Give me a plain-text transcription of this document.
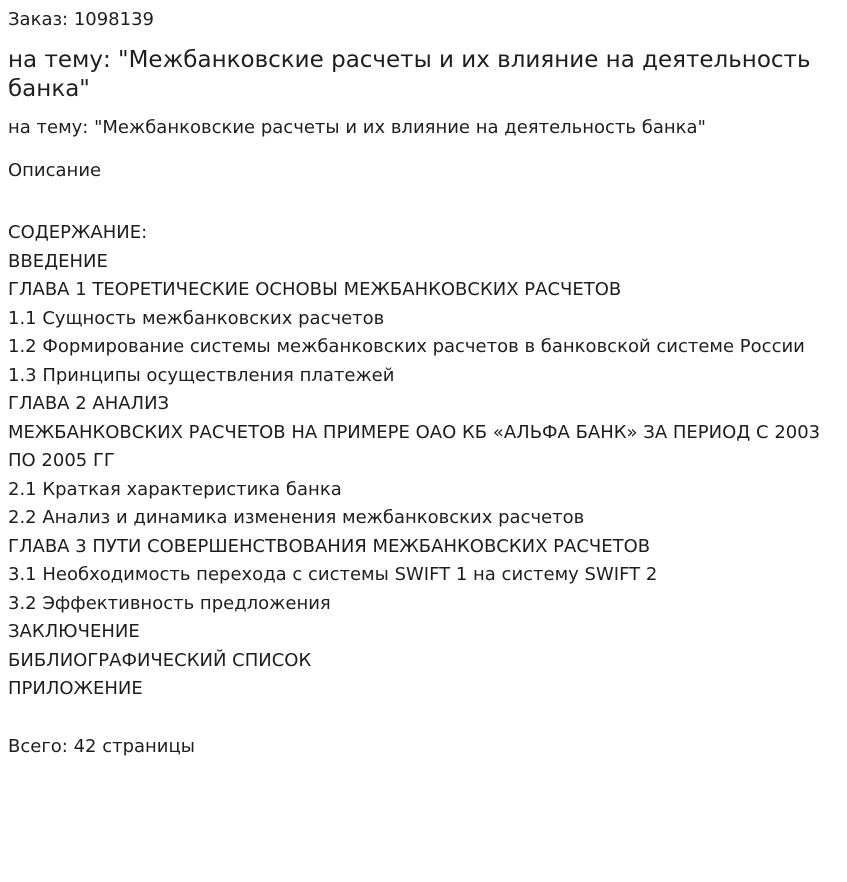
Заказ: 1098139
на тему: "Межбанковские расчеты и их влияние на деятельность банка"
на тему: "Межбанковские расчеты и их влияние на деятельность банка"
Описание
СОДЕРЖАНИЕ:
ВВЕДЕНИЕ
ГЛАВА 1 ТЕОРЕТИЧЕСКИЕ ОСНОВЫ МЕЖБАНКОВСКИХ РАСЧЕТОВ
1.1 Сущность межбанковских расчетов
1.2 Формирование системы межбанковских расчетов в банковской системе России
1.3 Принципы осуществления платежей
ГЛАВА 2 АНАЛИЗ
МЕЖБАНКОВСКИХ РАСЧЕТОВ НА ПРИМЕРЕ ОАО КБ «АЛЬФА БАНК» ЗА ПЕРИОД С 2003 ПО 2005 ГГ
2.1 Краткая характеристика банка
2.2 Анализ и динамика изменения межбанковских расчетов
ГЛАВА 3 ПУТИ СОВЕРШЕНСТВОВАНИЯ МЕЖБАНКОВСКИХ РАСЧЕТОВ
3.1 Необходимость перехода с системы SWIFT 1 на систему SWIFT 2
3.2 Эффективность предложения
ЗАКЛЮЧЕНИЕ
БИБЛИОГРАФИЧЕСКИЙ СПИСОК
ПРИЛОЖЕНИЕ
Всего: 42 страницы
